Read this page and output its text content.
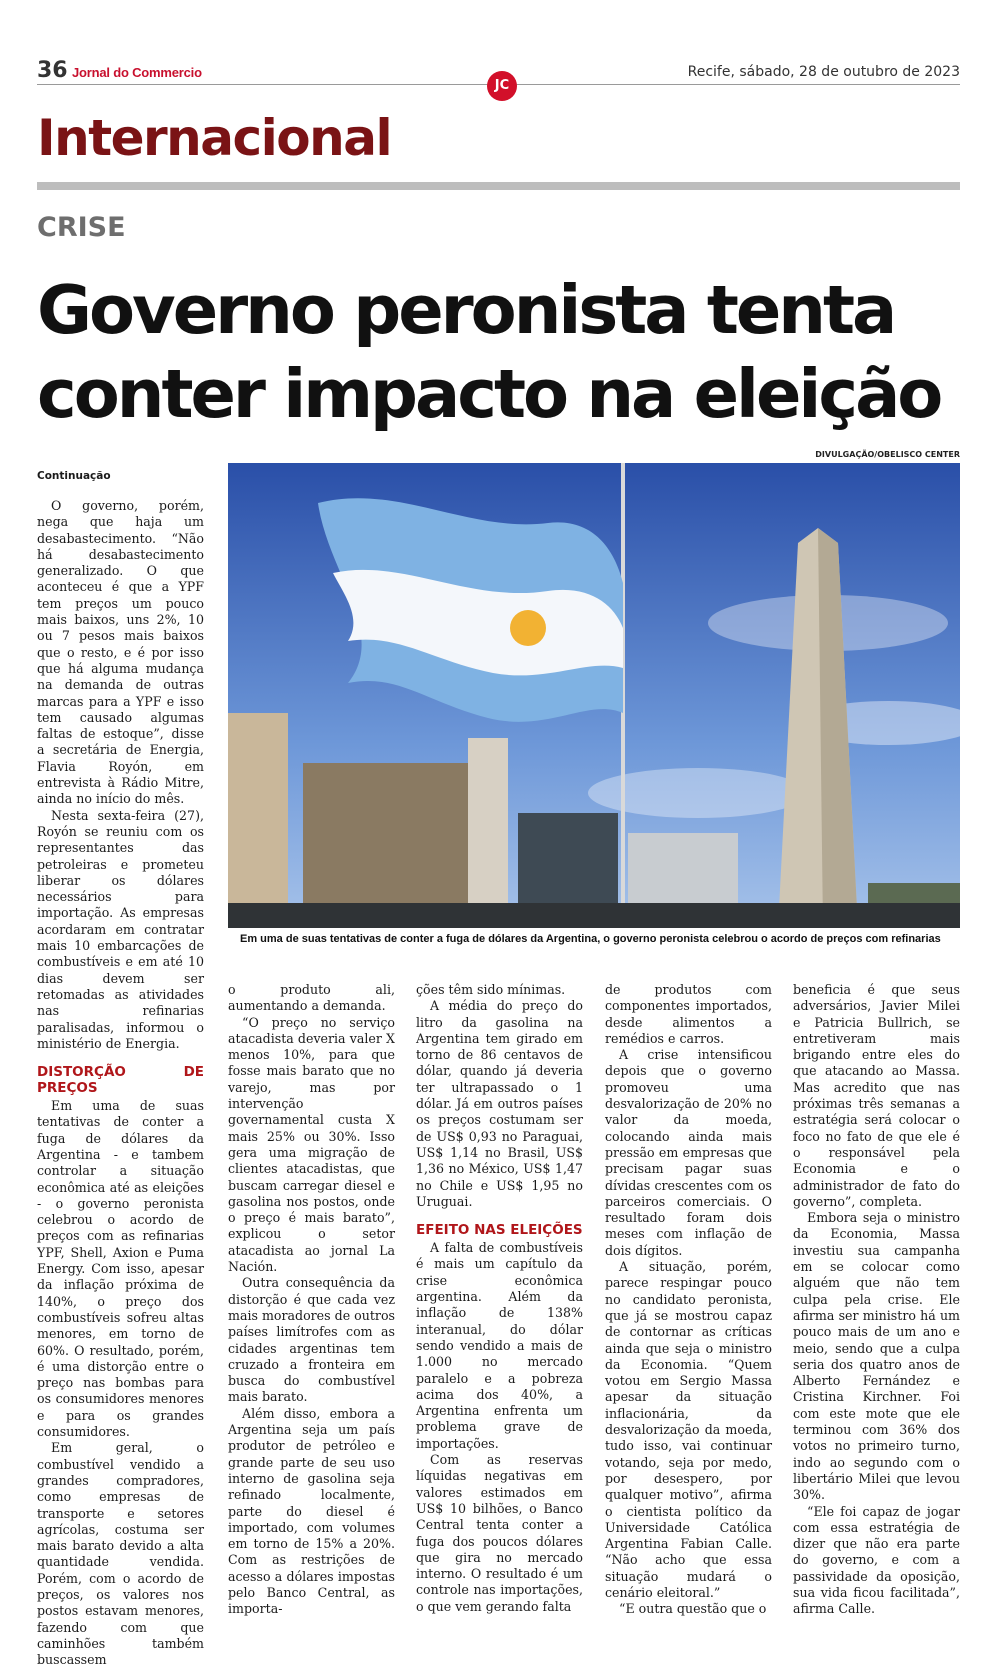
36 Jornal do Commercio	Recife, sábado, 28 de outubro de 2023
JC
Internacional
CRISE
Governo peronista tenta conter impacto na eleição
DIVULGAÇÃO/OBELISCO CENTER
Em uma de suas tentativas de conter a fuga de dólares da Argentina, o governo peronista celebrou o acordo de preços com refinarias
Continuação

O governo, porém, nega que haja um desabastecimento. “Não há desabastecimento generalizado. O que aconteceu é que a YPF tem preços um pouco mais baixos, uns 2%, 10 ou 7 pesos mais baixos que o resto, e é por isso que há alguma mudança na demanda de outras marcas para a YPF e isso tem causado algumas faltas de estoque”, disse a secretária de Energia, Flavia Royón, em entrevista à Rádio Mitre, ainda no início do mês.

Nesta sexta-feira (27), Royón se reuniu com os representantes das petroleiras e prometeu liberar os dólares necessários para importação. As empresas acordaram em contratar mais 10 embarcações de combustíveis e em até 10 dias devem ser retomadas as atividades nas refinarias paralisadas, informou o ministério de Energia.

DISTORÇÃO DE PREÇOS

Em uma de suas tentativas de conter a fuga de dólares da Argentina - e tambem controlar a situação econômica até as eleições - o governo peronista celebrou o acordo de preços com as refinarias YPF, Shell, Axion e Puma Energy. Com isso, apesar da inflação próxima de 140%, o preço dos combustíveis sofreu altas menores, em torno de 60%. O resultado, porém, é uma distorção entre o preço nas bombas para os consumidores menores e para os grandes consumidores.

Em geral, o combustível vendido a grandes compradores, como empresas de transporte e setores agrícolas, costuma ser mais barato devido a alta quantidade vendida. Porém, com o acordo de preços, os valores nos postos estavam menores, fazendo com que caminhões também buscassem

o produto ali, aumentando a demanda.

“O preço no serviço atacadista deveria valer X menos 10%, para que fosse mais barato que no varejo, mas por intervenção governamental custa X mais 25% ou 30%. Isso gera uma migração de clientes atacadistas, que buscam carregar diesel e gasolina nos postos, onde o preço é mais barato”, explicou o setor atacadista ao jornal La Nación.

Outra consequência da distorção é que cada vez mais moradores de outros países limítrofes com as cidades argentinas tem cruzado a fronteira em busca do combustível mais barato.

Além disso, embora a Argentina seja um país produtor de petróleo e grande parte de seu uso interno de gasolina seja refinado localmente, parte do diesel é importado, com volumes em torno de 15% a 20%. Com as restrições de acesso a dólares impostas pelo Banco Central, as importa-

ções têm sido mínimas.

A média do preço do litro da gasolina na Argentina tem girado em torno de 86 centavos de dólar, quando já deveria ter ultrapassado o 1 dólar. Já em outros países os preços costumam ser de US$ 0,93 no Paraguai, US$ 1,14 no Brasil, US$ 1,36 no México, US$ 1,47 no Chile e US$ 1,95 no Uruguai.

EFEITO NAS ELEIÇÕES

A falta de combustíveis é mais um capítulo da crise econômica argentina. Além da inflação de 138% interanual, do dólar sendo vendido a mais de 1.000 no mercado paralelo e a pobreza acima dos 40%, a Argentina enfrenta um problema grave de importações.

Com as reservas líquidas negativas em valores estimados em US$ 10 bilhões, o Banco Central tenta conter a fuga dos poucos dólares que gira no mercado interno. O resultado é um controle nas importações, o que vem gerando falta

de produtos com componentes importados, desde alimentos a remédios e carros.

A crise intensificou depois que o governo promoveu uma desvalorização de 20% no valor da moeda, colocando ainda mais pressão em empresas que precisam pagar suas dívidas crescentes com os parceiros comerciais. O resultado foram dois meses com inflação de dois dígitos.

A situação, porém, parece respingar pouco no candidato peronista, que já se mostrou capaz de contornar as críticas ainda que seja o ministro da Economia. “Quem votou em Sergio Massa apesar da situação inflacionária, da desvalorização da moeda, tudo isso, vai continuar votando, seja por medo, por desespero, por qualquer motivo”, afirma o cientista político da Universidade Católica Argentina Fabian Calle. “Não acho que essa situação mudará o cenário eleitoral.”

“E outra questão que o

beneficia é que seus adversários, Javier Milei e Patricia Bullrich, se entretiveram mais brigando entre eles do que atacando ao Massa. Mas acredito que nas próximas três semanas a estratégia será colocar o foco no fato de que ele é o responsável pela Economia e o administrador de fato do governo”, completa.

Embora seja o ministro da Economia, Massa investiu sua campanha em se colocar como alguém que não tem culpa pela crise. Ele afirma ser ministro há um pouco mais de um ano e meio, sendo que a culpa seria dos quatro anos de Alberto Fernández e Cristina Kirchner. Foi com este mote que ele terminou com 36% dos votos no primeiro turno, indo ao segundo com o libertário Milei que levou 30%.

“Ele foi capaz de jogar com essa estratégia de dizer que não era parte do governo, e com a passividade da oposição, sua vida ficou facilitada”, afirma Calle.
